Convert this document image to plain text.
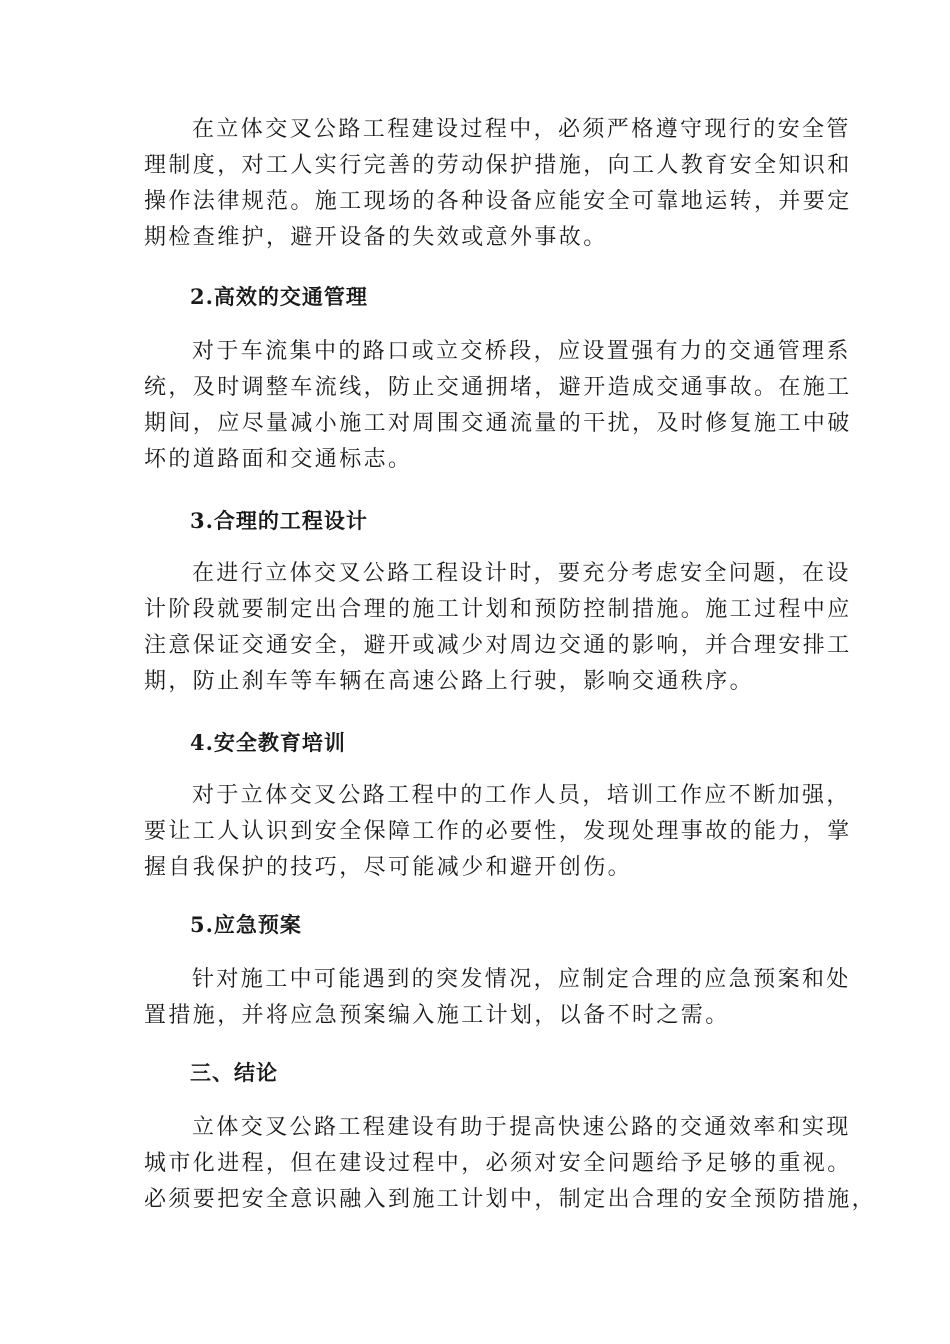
在立体交叉公路工程建设过程中，必须严格遵守现行的安全管
理制度，对工人实行完善的劳动保护措施，向工人教育安全知识和
操作法律规范。施工现场的各种设备应能安全可靠地运转，并要定
期检查维护，避开设备的失效或意外事故。

2.高效的交通管理

对于车流集中的路口或立交桥段，应设置强有力的交通管理系
统，及时调整车流线，防止交通拥堵，避开造成交通事故。在施工
期间，应尽量减小施工对周围交通流量的干扰，及时修复施工中破
坏的道路面和交通标志。

3.合理的工程设计

在进行立体交叉公路工程设计时，要充分考虑安全问题，在设
计阶段就要制定出合理的施工计划和预防控制措施。施工过程中应
注意保证交通安全，避开或减少对周边交通的影响，并合理安排工
期，防止刹车等车辆在高速公路上行驶，影响交通秩序。

4.安全教育培训

对于立体交叉公路工程中的工作人员，培训工作应不断加强，
要让工人认识到安全保障工作的必要性，发现处理事故的能力，掌
握自我保护的技巧，尽可能减少和避开创伤。

5.应急预案

针对施工中可能遇到的突发情况，应制定合理的应急预案和处
置措施，并将应急预案编入施工计划，以备不时之需。

三、结论

立体交叉公路工程建设有助于提高快速公路的交通效率和实现
城市化进程，但在建设过程中，必须对安全问题给予足够的重视。
必须要把安全意识融入到施工计划中，制定出合理的安全预防措施，
